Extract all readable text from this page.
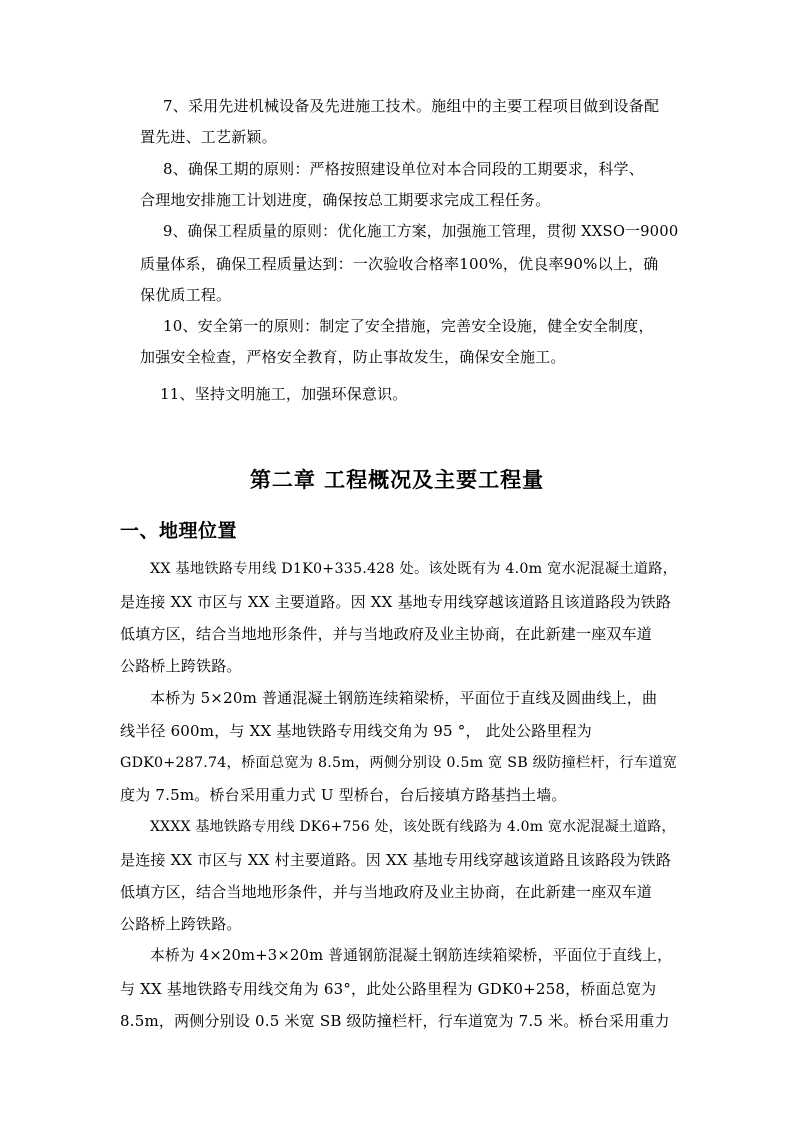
7、采用先进机械设备及先进施工技术。施组中的主要工程项目做到设备配
置先进、工艺新颖。
8、确保工期的原则：严格按照建设单位对本合同段的工期要求，科学、
合理地安排施工计划进度，确保按总工期要求完成工程任务。
9、确保工程质量的原则：优化施工方案，加强施工管理，贯彻 XXSO一9000
质量体系，确保工程质量达到：一次验收合格率100%，优良率90%以上，确
保优质工程。
10、安全第一的原则：制定了安全措施，完善安全设施，健全安全制度，
加强安全检查，严格安全教育，防止事故发生，确保安全施工。
11、坚持文明施工，加强环保意识。
第二章 工程概况及主要工程量
一、地理位置
XX 基地铁路专用线 D1K0+335.428 处。该处既有为 4.0m 宽水泥混凝土道路，
是连接 XX 市区与 XX 主要道路。因 XX 基地专用线穿越该道路且该道路段为铁路
低填方区，结合当地地形条件，并与当地政府及业主协商，在此新建一座双车道
公路桥上跨铁路。
本桥为 5×20m 普通混凝土钢筋连续箱梁桥，平面位于直线及圆曲线上，曲
线半径 600m，与 XX 基地铁路专用线交角为 95 °， 此处公路里程为
GDK0+287.74，桥面总宽为 8.5m，两侧分别设 0.5m 宽 SB 级防撞栏杆，行车道宽
度为 7.5m。桥台采用重力式 U 型桥台，台后接填方路基挡土墙。
XXXX 基地铁路专用线 DK6+756 处，该处既有线路为 4.0m 宽水泥混凝土道路，
是连接 XX 市区与 XX 村主要道路。因 XX 基地专用线穿越该道路且该路段为铁路
低填方区，结合当地地形条件，并与当地政府及业主协商，在此新建一座双车道
公路桥上跨铁路。
本桥为 4×20m+3×20m 普通钢筋混凝土钢筋连续箱梁桥，平面位于直线上，
与 XX 基地铁路专用线交角为 63°，此处公路里程为 GDK0+258，桥面总宽为
8.5m，两侧分别设 0.5 米宽 SB 级防撞栏杆，行车道宽为 7.5 米。桥台采用重力
